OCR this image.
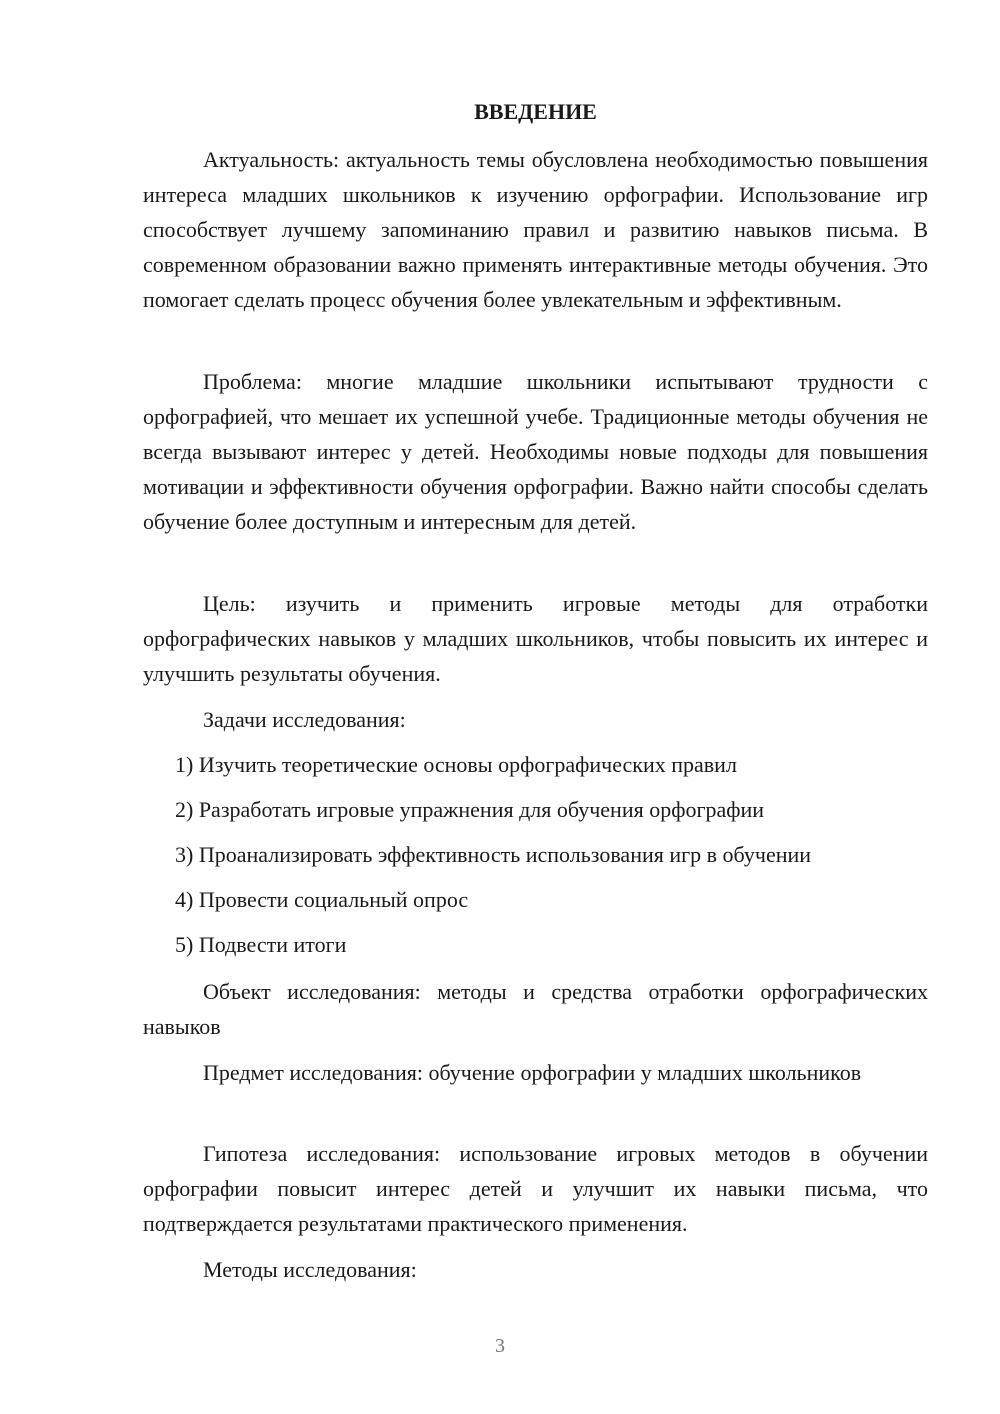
ВВЕДЕНИЕ

Актуальность: актуальность темы обусловлена необходимостью повышения интереса младших школьников к изучению орфографии. Использование игр способствует лучшему запоминанию правил и развитию навыков письма. В современном образовании важно применять интерактивные методы обучения. Это помогает сделать процесс обучения более увлекательным и эффективным.

Проблема: многие младшие школьники испытывают трудности с орфографией, что мешает их успешной учебе. Традиционные методы обучения не всегда вызывают интерес у детей. Необходимы новые подходы для повышения мотивации и эффективности обучения орфографии. Важно найти способы сделать обучение более доступным и интересным для детей.

Цель: изучить и применить игровые методы для отработки орфографических навыков у младших школьников, чтобы повысить их интерес и улучшить результаты обучения.

Задачи исследования:

1) Изучить теоретические основы орфографических правил

2) Разработать игровые упражнения для обучения орфографии

3) Проанализировать эффективность использования игр в обучении

4) Провести социальный опрос

5) Подвести итоги

Объект исследования: методы и средства отработки орфографических навыков

Предмет исследования: обучение орфографии у младших школьников

Гипотеза исследования: использование игровых методов в обучении орфографии повысит интерес детей и улучшит их навыки письма, что подтверждается результатами практического применения.

Методы исследования:

3
